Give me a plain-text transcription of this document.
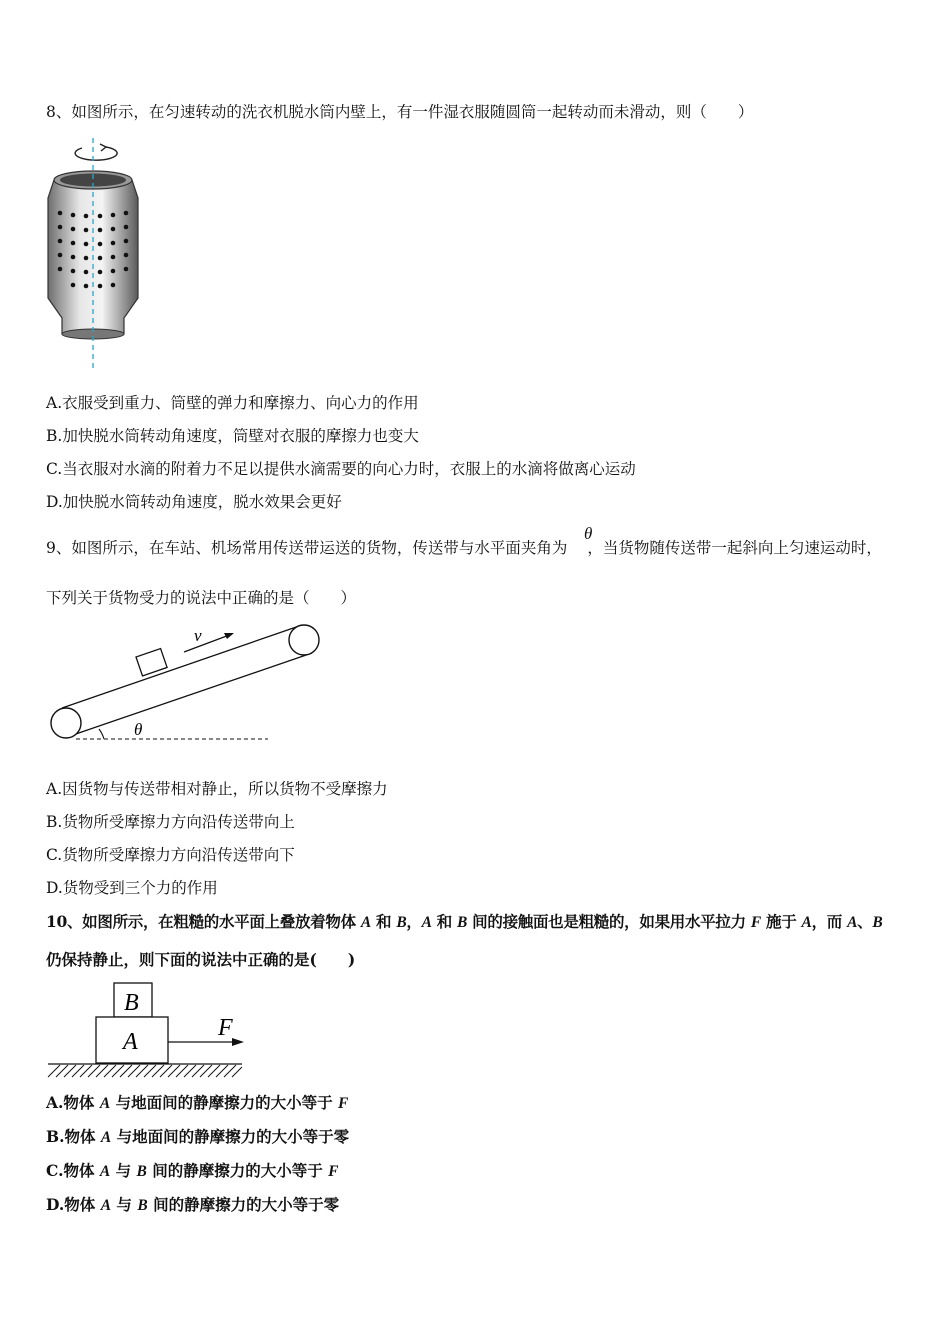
8、如图所示，在匀速转动的洗衣机脱水筒内壁上，有一件湿衣服随圆筒一起转动而未滑动，则（　　）
A.衣服受到重力、筒壁的弹力和摩擦力、向心力的作用
B.加快脱水筒转动角速度，筒壁对衣服的摩擦力也变大
C.当衣服对水滴的附着力不足以提供水滴需要的向心力时，衣服上的水滴将做离心运动
D.加快脱水筒转动角速度，脱水效果会更好
9、如图所示，在车站、机场常用传送带运送的货物，传送带与水平面夹角为 ，当货物随传送带一起斜向上匀速运动时，
θ
下列关于货物受力的说法中正确的是（　　）
v
θ
A.因货物与传送带相对静止，所以货物不受摩擦力
B.货物所受摩擦力方向沿传送带向上
C.货物所受摩擦力方向沿传送带向下
D.货物受到三个力的作用
10、如图所示，在粗糙的水平面上叠放着物体 A 和 B，A 和 B 间的接触面也是粗糙的，如果用水平拉力 F 施于 A，而 A、B
仍保持静止，则下面的说法中正确的是(　　)
B
A
F
A.物体 A 与地面间的静摩擦力的大小等于 F
B.物体 A 与地面间的静摩擦力的大小等于零
C.物体 A 与 B 间的静摩擦力的大小等于 F
D.物体 A 与 B 间的静摩擦力的大小等于零
